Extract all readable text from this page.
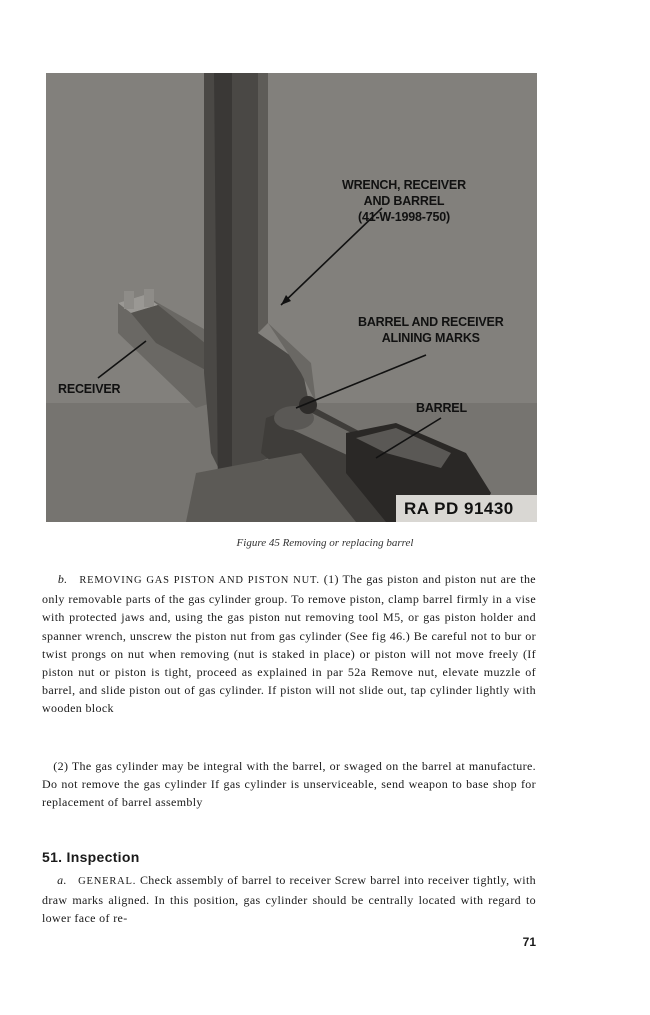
WRENCH, RECEIVER
AND BARREL
(41-W-1998-750)
BARREL AND RECEIVER
ALINING MARKS
RECEIVER
BARREL
RA PD 91430
Figure 45 Removing or replacing barrel

b. REMOVING GAS PISTON AND PISTON NUT. (1) The gas piston and piston nut are the only removable parts of the gas cylinder group. To remove piston, clamp barrel firmly in a vise with protected jaws and, using the gas piston nut removing tool M5, or gas piston holder and spanner wrench, unscrew the piston nut from gas cylinder (See fig 46.) Be careful not to bur or twist prongs on nut when removing (nut is staked in place) or piston will not move freely (If piston nut or piston is tight, proceed as explained in par 52a Remove nut, elevate muzzle of barrel, and slide piston out of gas cylinder. If piston will not slide out, tap cylinder lightly with wooden block

(2) The gas cylinder may be integral with the barrel, or swaged on the barrel at manufacture. Do not remove the gas cylinder If gas cylinder is unserviceable, send weapon to base shop for replacement of barrel assembly

51. Inspection

a. GENERAL. Check assembly of barrel to receiver Screw barrel into receiver tightly, with draw marks aligned. In this position, gas cylinder should be centrally located with regard to lower face of re-

71
